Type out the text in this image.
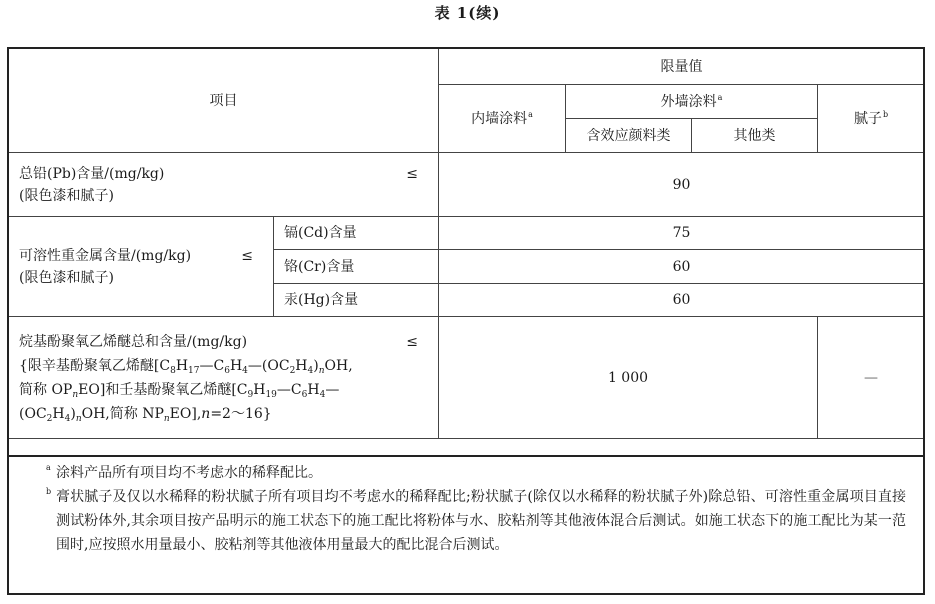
表 1(续)
项目		限量值			
		内墙涂料$^a$	外墙涂料$^a$		腻子$^b$
			含效应颜料类	其他类	

总铅(Pb)含量/(mg/kg) ≤
(限色漆和腻子)		90			

可溶性重金属含量/(mg/kg) ≤
(限色漆和腻子)	镉(Cd)含量	75			
	铬(Cr)含量	60			
	汞(Hg)含量	60			

烷基酚聚氧乙烯醚总和含量/(mg/kg) ≤
{限辛基酚聚氧乙烯醚[C8H17—C6H4—(OC2H4)nOH,
简称 OPnEO]和壬基酚聚氧乙烯醚[C9H19—C6H4—
(OC2H4)nOH,简称 NPnEO],n=2～16}		1 000			—
a 涂料产品所有项目均不考虑水的稀释配比。
b 膏状腻子及仅以水稀释的粉状腻子所有项目均不考虑水的稀释配比;粉状腻子(除仅以水稀释的粉状腻子外)除总铅、可溶性重金属项目直接测试粉体外,其余项目按产品明示的施工状态下的施工配比将粉体与水、胶粘剂等其他液体混合后测试。如施工状态下的施工配比为某一范围时,应按照水用量最小、胶粘剂等其他液体用量最大的配比混合后测试。
